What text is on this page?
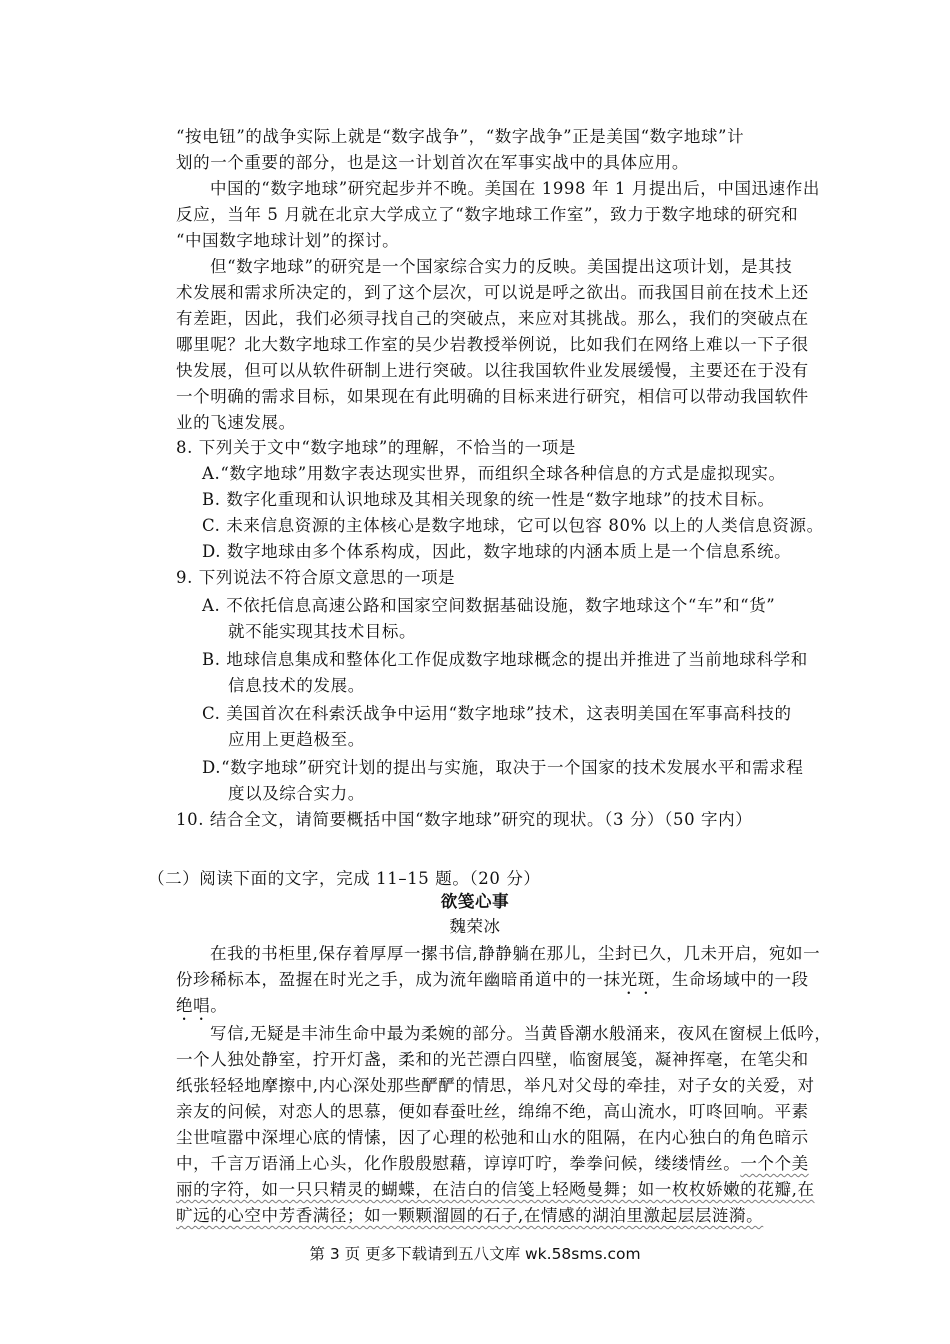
“按电钮”的战争实际上就是“数字战争”，“数字战争”正是美国“数字地球”计
划的一个重要的部分，也是这一计划首次在军事实战中的具体应用。
中国的“数字地球”研究起步并不晚。美国在 1998 年 1 月提出后，中国迅速作出
反应，当年 5 月就在北京大学成立了“数字地球工作室”，致力于数字地球的研究和
“中国数字地球计划”的探讨。
但“数字地球”的研究是一个国家综合实力的反映。美国提出这项计划，是其技
术发展和需求所决定的，到了这个层次，可以说是呼之欲出。而我国目前在技术上还
有差距，因此，我们必须寻找自己的突破点，来应对其挑战。那么，我们的突破点在
哪里呢？北大数字地球工作室的吴少岩教授举例说，比如我们在网络上难以一下子很
快发展，但可以从软件研制上进行突破。以往我国软件业发展缓慢，主要还在于没有
一个明确的需求目标，如果现在有此明确的目标来进行研究，相信可以带动我国软件
业的飞速发展。
8. 下列关于文中“数字地球”的理解，不恰当的一项是
A.“数字地球”用数字表达现实世界，而组织全球各种信息的方式是虚拟现实。
B. 数字化重现和认识地球及其相关现象的统一性是“数字地球”的技术目标。
C. 未来信息资源的主体核心是数字地球，它可以包容 80% 以上的人类信息资源。
D. 数字地球由多个体系构成，因此，数字地球的内涵本质上是一个信息系统。
9. 下列说法不符合原文意思的一项是
A. 不依托信息高速公路和国家空间数据基础设施，数字地球这个“车”和“货”
就不能实现其技术目标。
B. 地球信息集成和整体化工作促成数字地球概念的提出并推进了当前地球科学和
信息技术的发展。
C. 美国首次在科索沃战争中运用“数字地球”技术，这表明美国在军事高科技的
应用上更趋极至。
D.“数字地球”研究计划的提出与实施，取决于一个国家的技术发展水平和需求程
度以及综合实力。
10. 结合全文，请简要概括中国“数字地球”研究的现状。（3 分）（50 字内）
（二）阅读下面的文字，完成 11–15 题。（20 分）
欲笺心事
魏荣冰
在我的书柜里,保存着厚厚一摞书信,静静躺在那儿，尘封已久，几未开启，宛如一
份珍稀标本，盈握在时光之手，成为流年幽暗甬道中的一抹光斑，生命场域中的一段
绝唱。
写信,无疑是丰沛生命中最为柔婉的部分。当黄昏潮水般涌来，夜风在窗棂上低吟，
一个人独处静室，拧开灯盏，柔和的光芒漂白四壁，临窗展笺，凝神挥毫，在笔尖和
纸张轻轻地摩擦中,内心深处那些酽酽的情思，举凡对父母的牵挂，对子女的关爱，对
亲友的问候，对恋人的思慕，便如春蚕吐丝，绵绵不绝，高山流水，叮咚回响。平素
尘世喧嚣中深埋心底的情愫，因了心理的松弛和山水的阻隔，在内心独白的角色暗示
中，千言万语涌上心头，化作殷殷慰藉，谆谆叮咛，拳拳问候，缕缕情丝。一个个美
丽的字符，如一只只精灵的蝴蝶，在洁白的信笺上轻飏曼舞；如一枚枚娇嫩的花瓣,在
旷远的心空中芳香满径；如一颗颗溜圆的石子,在情感的湖泊里激起层层涟漪。
第 3 页 更多下载请到五八文库 wk.58sms.com
